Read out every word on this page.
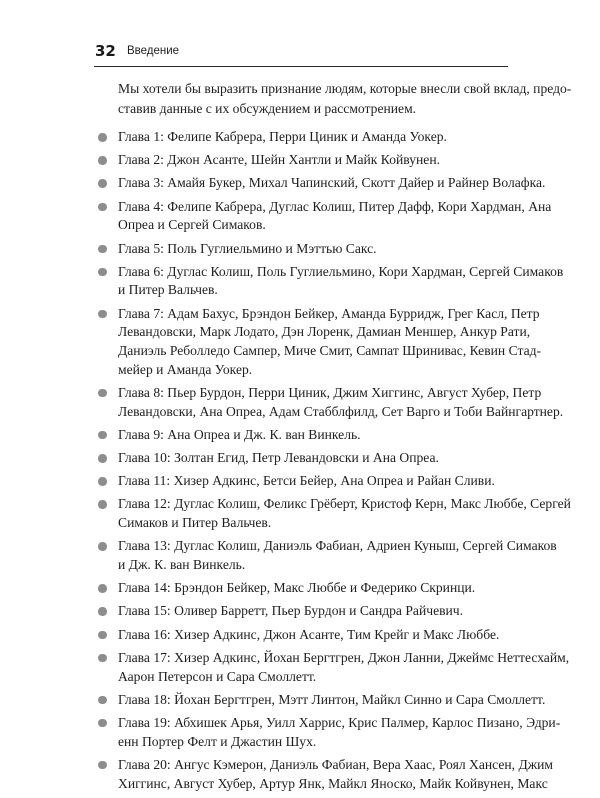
32 Введение

Мы хотели бы выразить признание людям, которые внесли свой вклад, предо-
ставив данные с их обсуждением и рассмотрением.

Глава 1: Фелипе Кабрера, Перри Циник и Аманда Уокер.
Глава 2: Джон Асанте, Шейн Хантли и Майк Койвунен.
Глава 3: Амайя Букер, Михал Чапинский, Скотт Дайер и Райнер Волафка.
Глава 4: Фелипе Кабрера, Дуглас Колиш, Питер Дафф, Кори Хардман, Ана
Опреа и Сергей Симаков.
Глава 5: Поль Гуглиельмино и Мэттью Сакс.
Глава 6: Дуглас Колиш, Поль Гуглиельмино, Кори Хардман, Сергей Симаков
и Питер Вальчев.
Глава 7: Адам Бахус, Брэндон Бейкер, Аманда Бурридж, Грег Касл, Петр
Левандовски, Марк Лодато, Дэн Лоренк, Дамиан Меншер, Анкур Рати,
Даниэль Реболледо Сампер, Миче Смит, Сампат Шринивас, Кевин Стад-
мейер и Аманда Уокер.
Глава 8: Пьер Бурдон, Перри Циник, Джим Хиггинс, Август Хубер, Петр
Левандовски, Ана Опреа, Адам Стабблфилд, Сет Варго и Тоби Вайнгартнер.
Глава 9: Ана Опреа и Дж. К. ван Винкель.
Глава 10: Золтан Егид, Петр Левандовски и Ана Опреа.
Глава 11: Хизер Адкинс, Бетси Бейер, Ана Опреа и Райан Сливи.
Глава 12: Дуглас Колиш, Феликс Грёберт, Кристоф Керн, Макс Люббе, Сергей
Симаков и Питер Вальчев.
Глава 13: Дуглас Колиш, Даниэль Фабиан, Адриен Куныш, Сергей Симаков
и Дж. К. ван Винкель.
Глава 14: Брэндон Бейкер, Макс Люббе и Федерико Скринци.
Глава 15: Оливер Барретт, Пьер Бурдон и Сандра Райчевич.
Глава 16: Хизер Адкинс, Джон Асанте, Тим Крейг и Макс Люббе.
Глава 17: Хизер Адкинс, Йохан Бергтгрен, Джон Ланни, Джеймс Неттесхайм,
Аарон Петерсон и Сара Смоллетт.
Глава 18: Йохан Бергтгрен, Мэтт Линтон, Майкл Синно и Сара Смоллетт.
Глава 19: Абхишек Арья, Уилл Харрис, Крис Палмер, Карлос Пизано, Эдри-
енн Портер Фелт и Джастин Шух.
Глава 20: Ангус Кэмерон, Даниэль Фабиан, Вера Хаас, Роял Хансен, Джим
Хиггинс, Август Хубер, Артур Янк, Майкл Яноско, Майк Койвунен, Макс
